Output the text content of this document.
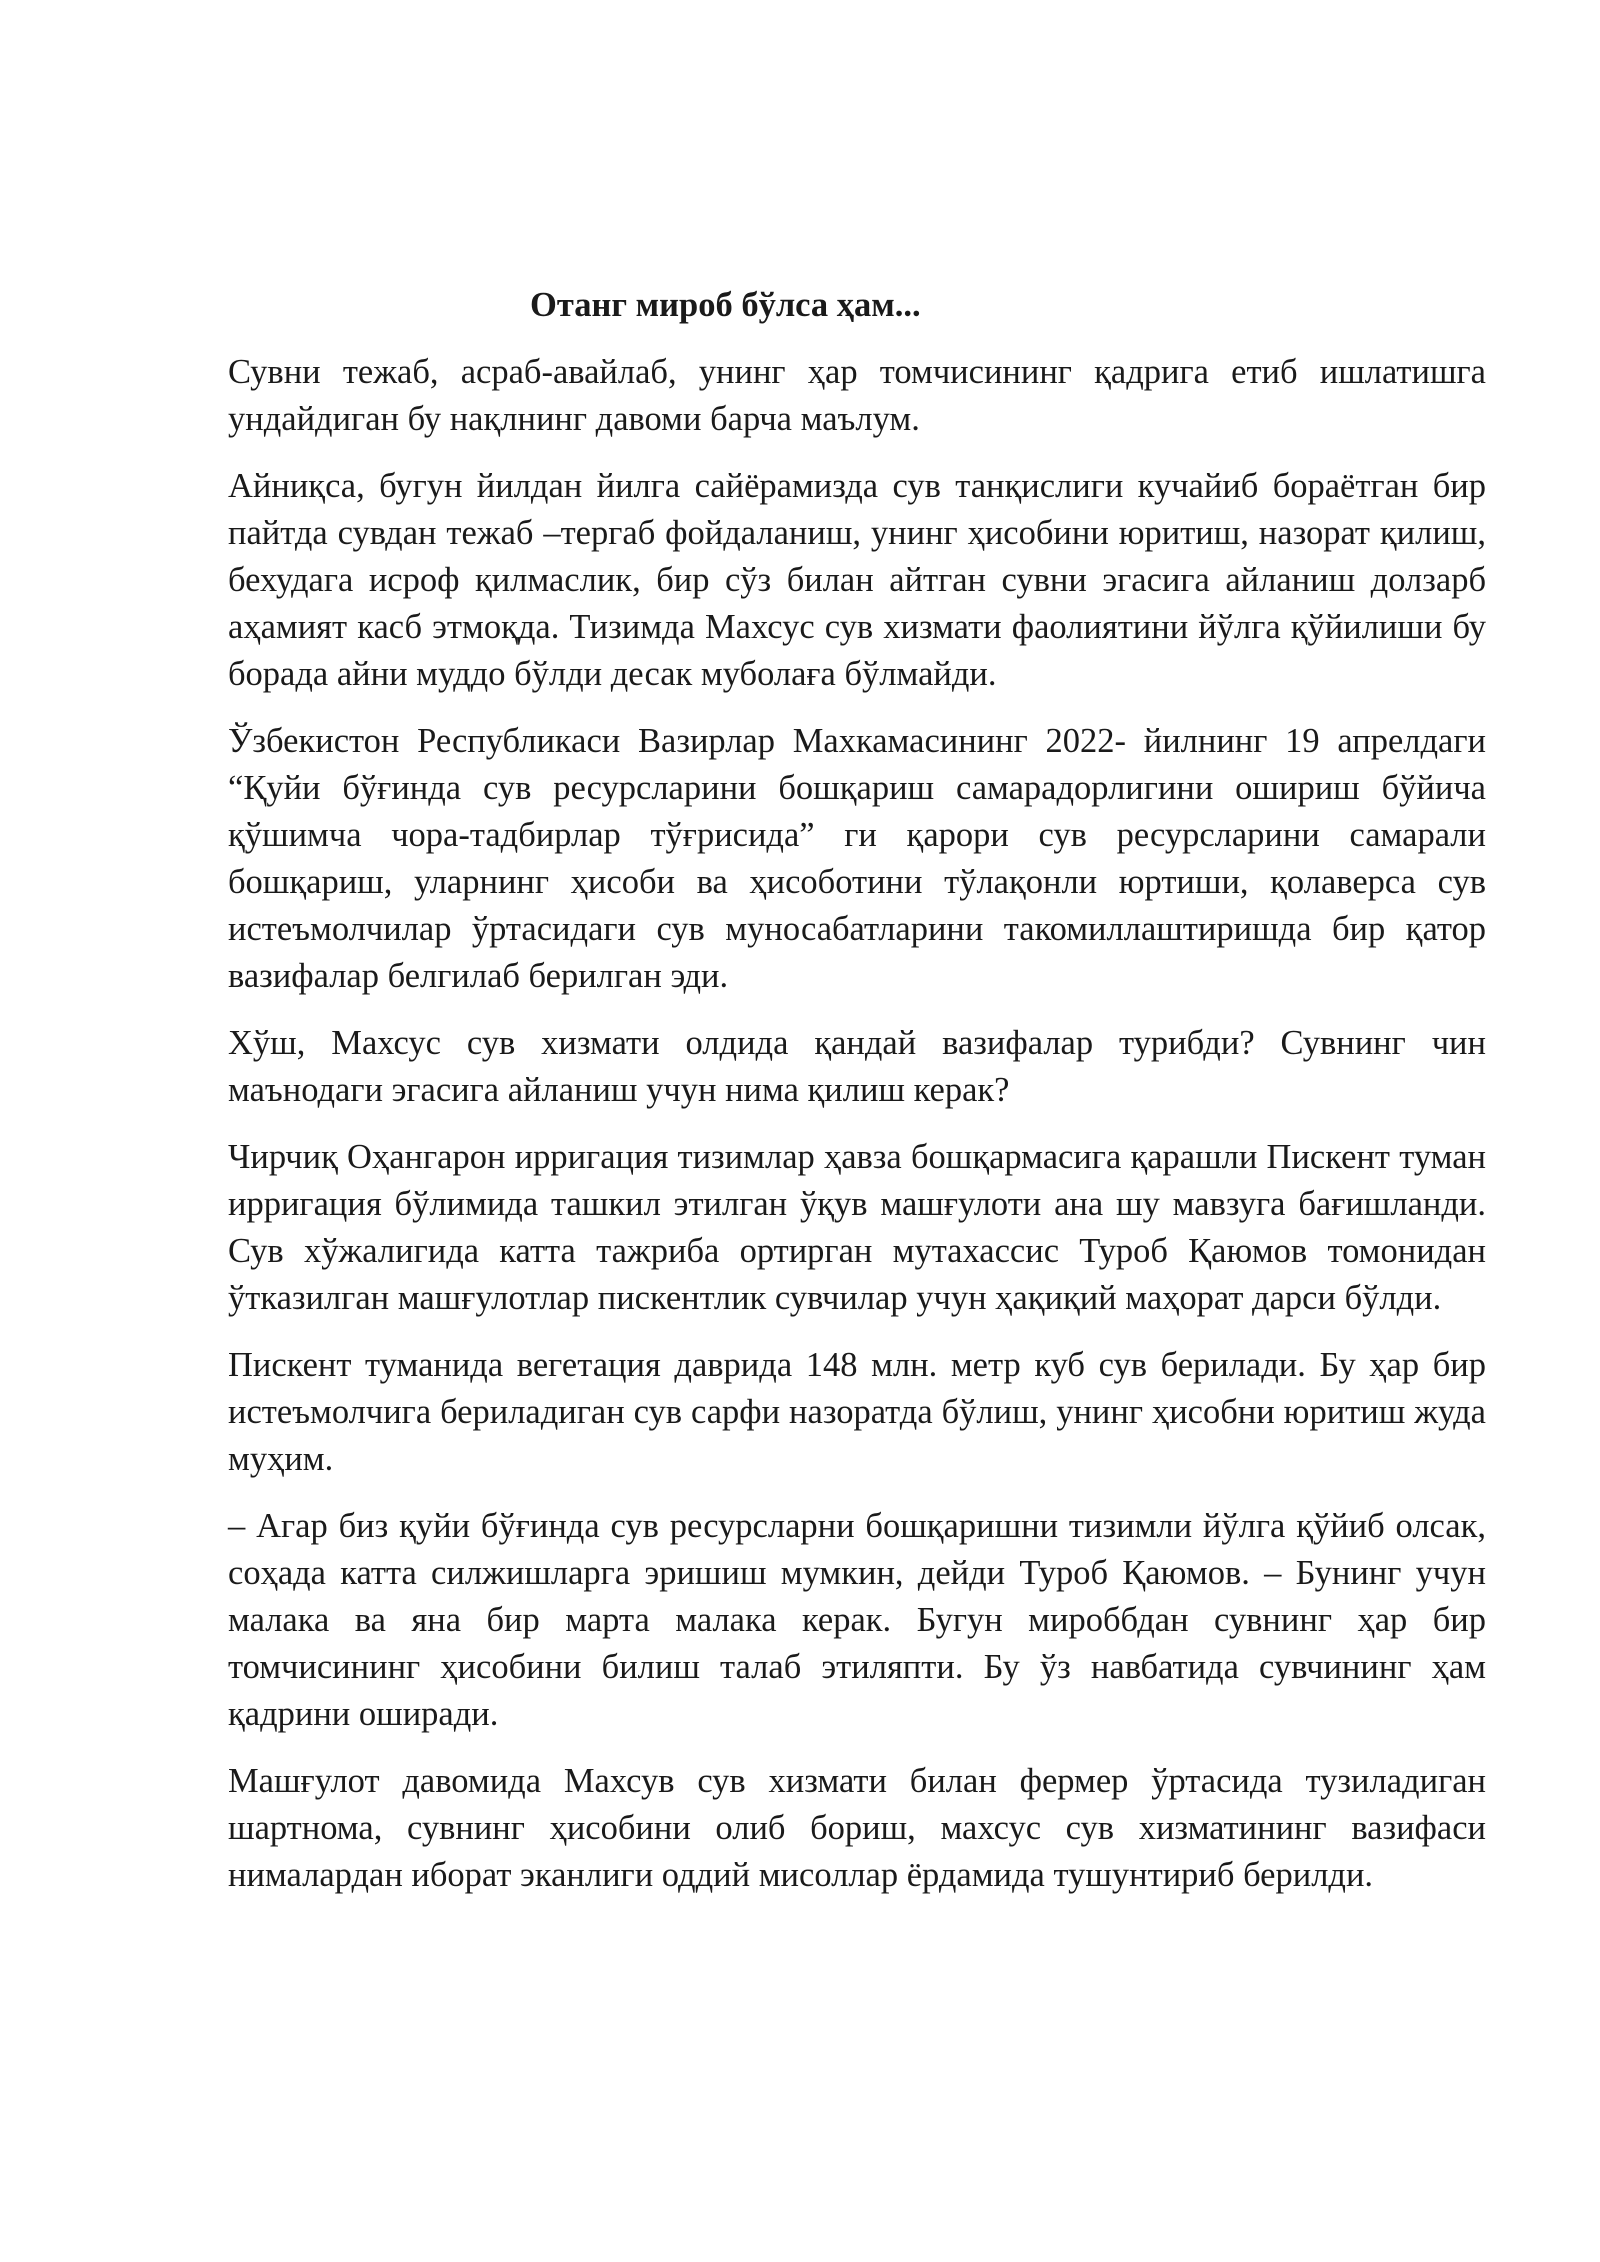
Отанг мироб бўлса ҳам...

Сувни тежаб, асраб-авайлаб, унинг ҳар томчисининг қадрига етиб ишлатишга ундайдиган бу нақлнинг давоми барча маълум.

Айниқса, бугун йилдан йилга сайёрамизда сув танқислиги кучайиб бораётган бир пайтда сувдан тежаб –тергаб фойдаланиш, унинг ҳисобини юритиш, назорат қилиш, бехудага исроф қилмаслик, бир сўз билан айтган сувни эгасига айланиш долзарб аҳамият касб этмоқда. Тизимда Махсус сув хизмати фаолиятини йўлга қўйилиши бу борада айни муддо бўлди десак муболаға бўлмайди.

Ўзбекистон Республикаси Вазирлар Махкамасининг 2022- йилнинг 19 апрелдаги “Қуйи бўғинда сув ресурсларини бошқариш самарадорлигини ошириш бўйича қўшимча чора-тадбирлар тўғрисида” ги қарори сув ресурсларини самарали бошқариш, уларнинг ҳисоби ва ҳисоботини тўлақонли юртиши, қолаверса сув истеъмолчилар ўртасидаги сув муносабатларини такомиллаштиришда бир қатор вазифалар белгилаб берилган эди.

Хўш, Махсус сув хизмати олдида қандай вазифалар турибди? Сувнинг чин маънодаги эгасига айланиш учун нима қилиш керак?

Чирчиқ Оҳангарон ирригация тизимлар ҳавза бошқармасига қарашли Пискент туман ирригация бўлимида ташкил этилган ўқув машғулоти ана шу мавзуга бағишланди. Сув хўжалигида катта тажриба ортирган мутахассис Туроб Қаюмов томонидан ўтказилган машғулотлар пискентлик сувчилар учун ҳақиқий маҳорат дарси бўлди.

Пискент туманида вегетация даврида 148 млн. метр куб сув берилади. Бу ҳар бир истеъмолчига бериладиган сув сарфи назоратда бўлиш, унинг ҳисобни юритиш жуда муҳим.

– Агар биз қуйи бўғинда сув ресурсларни бошқаришни тизимли йўлга қўйиб олсак, соҳада катта силжишларга эришиш мумкин, дейди Туроб Қаюмов. – Бунинг учун малака ва яна бир марта малака керак. Бугун мироббдан сувнинг ҳар бир томчисининг ҳисобини билиш талаб этиляпти. Бу ўз навбатида сувчининг ҳам қадрини оширади.

Машғулот давомида Махсув сув хизмати билан фермер ўртасида тузиладиган шартнома, сувнинг ҳисобини олиб бориш, махсус сув хизматининг вазифаси нималардан иборат эканлиги оддий мисоллар ёрдамида тушунтириб берилди.
